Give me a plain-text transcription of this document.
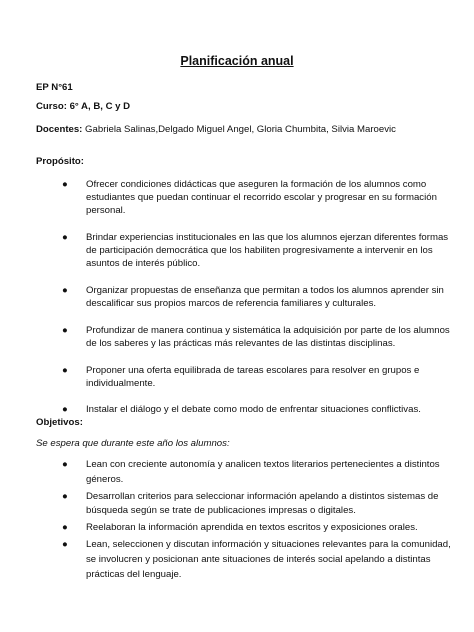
Planificación anual
EP N°61
Curso: 6° A, B, C y D
Docentes: Gabriela Salinas,Delgado Miguel Angel, Gloria Chumbita, Silvia Maroevic
Propósito:
● Ofrecer condiciones didácticas que aseguren la formación de los alumnos como estudiantes que puedan continuar el recorrido escolar y progresar en su formación personal.
● Brindar experiencias institucionales en las que los alumnos ejerzan diferentes formas de participación democrática que los habiliten progresivamente a intervenir en los asuntos de interés público.
● Organizar propuestas de enseñanza que permitan a todos los alumnos aprender sin descalificar sus propios marcos de referencia familiares y culturales.
● Profundizar de manera continua y sistemática la adquisición por parte de los alumnos de los saberes y las prácticas más relevantes de las distintas disciplinas.
● Proponer una oferta equilibrada de tareas escolares para resolver en grupos e individualmente.
● Instalar el diálogo y el debate como modo de enfrentar situaciones conflictivas.
Objetivos:
Se espera que durante este año los alumnos:
● Lean con creciente autonomía y analicen textos literarios pertenecientes a distintos géneros.
● Desarrollan criterios para seleccionar información apelando a distintos sistemas de búsqueda según se trate de publicaciones impresas o digitales.
● Reelaboran la información aprendida en textos escritos y exposiciones orales.
● Lean, seleccionen y discutan información y situaciones relevantes para la comunidad, se involucren y posicionan ante situaciones de interés social apelando a distintas prácticas del lenguaje.
